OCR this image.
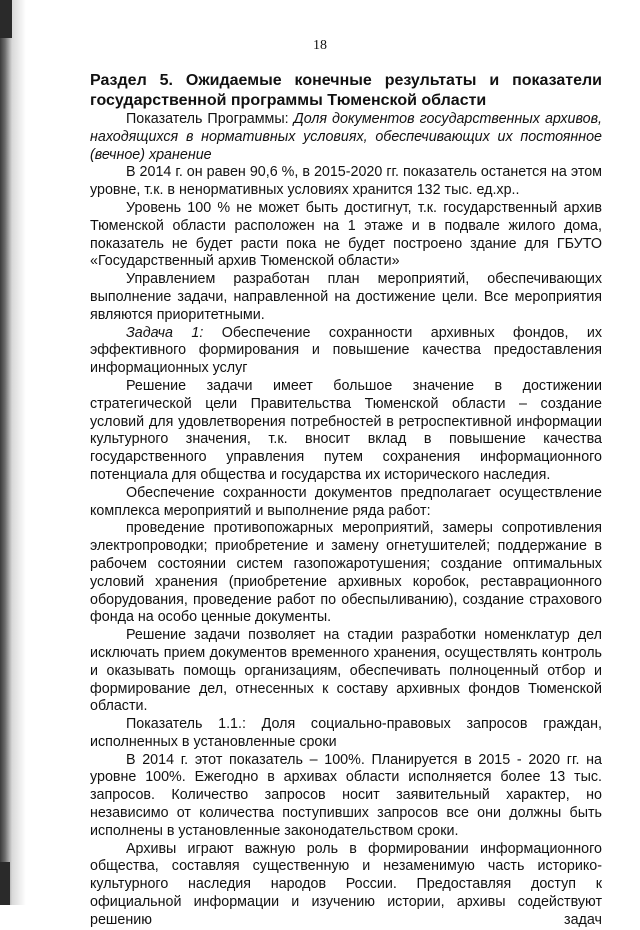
18
Раздел 5. Ожидаемые конечные результаты и показатели государственной программы Тюменской области

Показатель Программы: Доля документов государственных архивов, находящихся в нормативных условиях, обеспечивающих их постоянное (вечное) хранение

В 2014 г. он равен 90,6 %, в 2015-2020 гг. показатель останется на этом уровне, т.к. в ненормативных условиях хранится 132 тыс. ед.хр..

Уровень 100 % не может быть достигнут, т.к. государственный архив Тюменской области расположен на 1 этаже и в подвале жилого дома, показатель не будет расти пока не будет построено здание для ГБУТО «Государственный архив Тюменской области»

Управлением разработан план мероприятий, обеспечивающих выполнение задачи, направленной на достижение цели. Все мероприятия являются приоритетными.

Задача 1: Обеспечение сохранности архивных фондов, их эффективного формирования и повышение качества предоставления информационных услуг

Решение задачи имеет большое значение в достижении стратегической цели Правительства Тюменской области – создание условий для удовлетворения потребностей в ретроспективной информации культурного значения, т.к. вносит вклад в повышение качества государственного управления путем сохранения информационного потенциала для общества и государства их исторического наследия.

Обеспечение сохранности документов предполагает осуществление комплекса мероприятий и выполнение ряда работ:

проведение противопожарных мероприятий, замеры сопротивления электропроводки; приобретение и замену огнетушителей; поддержание в рабочем состоянии систем газопожаротушения; создание оптимальных условий хранения (приобретение архивных коробок, реставрационного оборудования, проведение работ по обеспыливанию), создание страхового фонда на особо ценные документы.

Решение задачи позволяет на стадии разработки номенклатур дел исключать прием документов временного хранения, осуществлять контроль и оказывать помощь организациям, обеспечивать полноценный отбор и формирование дел, отнесенных к составу архивных фондов Тюменской области.

Показатель 1.1.: Доля социально-правовых запросов граждан, исполненных в установленные сроки

В 2014 г. этот показатель – 100%. Планируется в 2015 - 2020 гг. на уровне 100%. Ежегодно в архивах области исполняется более 13 тыс. запросов. Количество запросов носит заявительный характер, но независимо от количества поступивших запросов все они должны быть исполнены в установленные законодательством сроки.

Архивы играют важную роль в формировании информационного общества, составляя существенную и незаменимую часть историко-культурного наследия народов России. Предоставляя доступ к официальной информации и изучению истории, архивы содействуют решению задач
